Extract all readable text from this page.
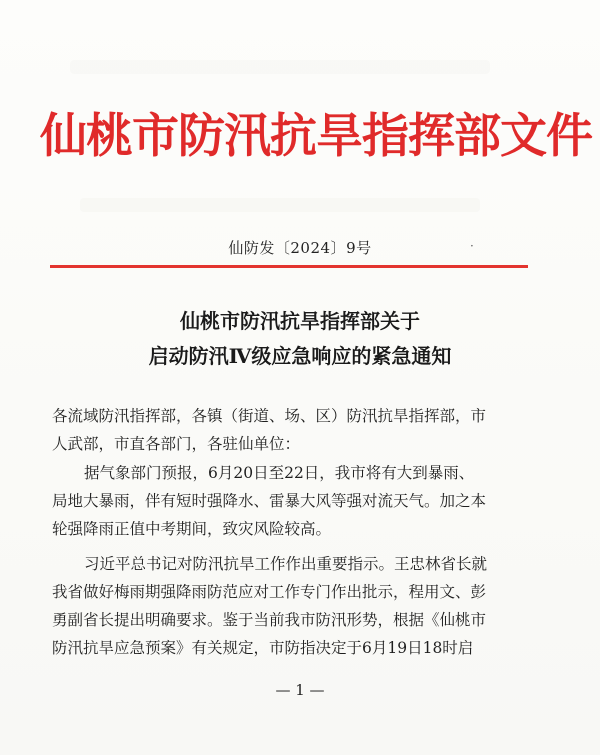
仙桃市防汛抗旱指挥部文件
仙防发〔2024〕9号	·
仙桃市防汛抗旱指挥部关于
启动防汛Ⅳ级应急响应的紧急通知
各流域防汛指挥部，各镇（街道、场、区）防汛抗旱指挥部，市
人武部，市直各部门，各驻仙单位：
据气象部门预报，6月20日至22日，我市将有大到暴雨、
局地大暴雨，伴有短时强降水、雷暴大风等强对流天气。加之本
轮强降雨正值中考期间，致灾风险较高。
习近平总书记对防汛抗旱工作作出重要指示。王忠林省长就
我省做好梅雨期强降雨防范应对工作专门作出批示，程用文、彭
勇副省长提出明确要求。鉴于当前我市防汛形势，根据《仙桃市
防汛抗旱应急预案》有关规定，市防指决定于6月19日18时启
— 1 —
